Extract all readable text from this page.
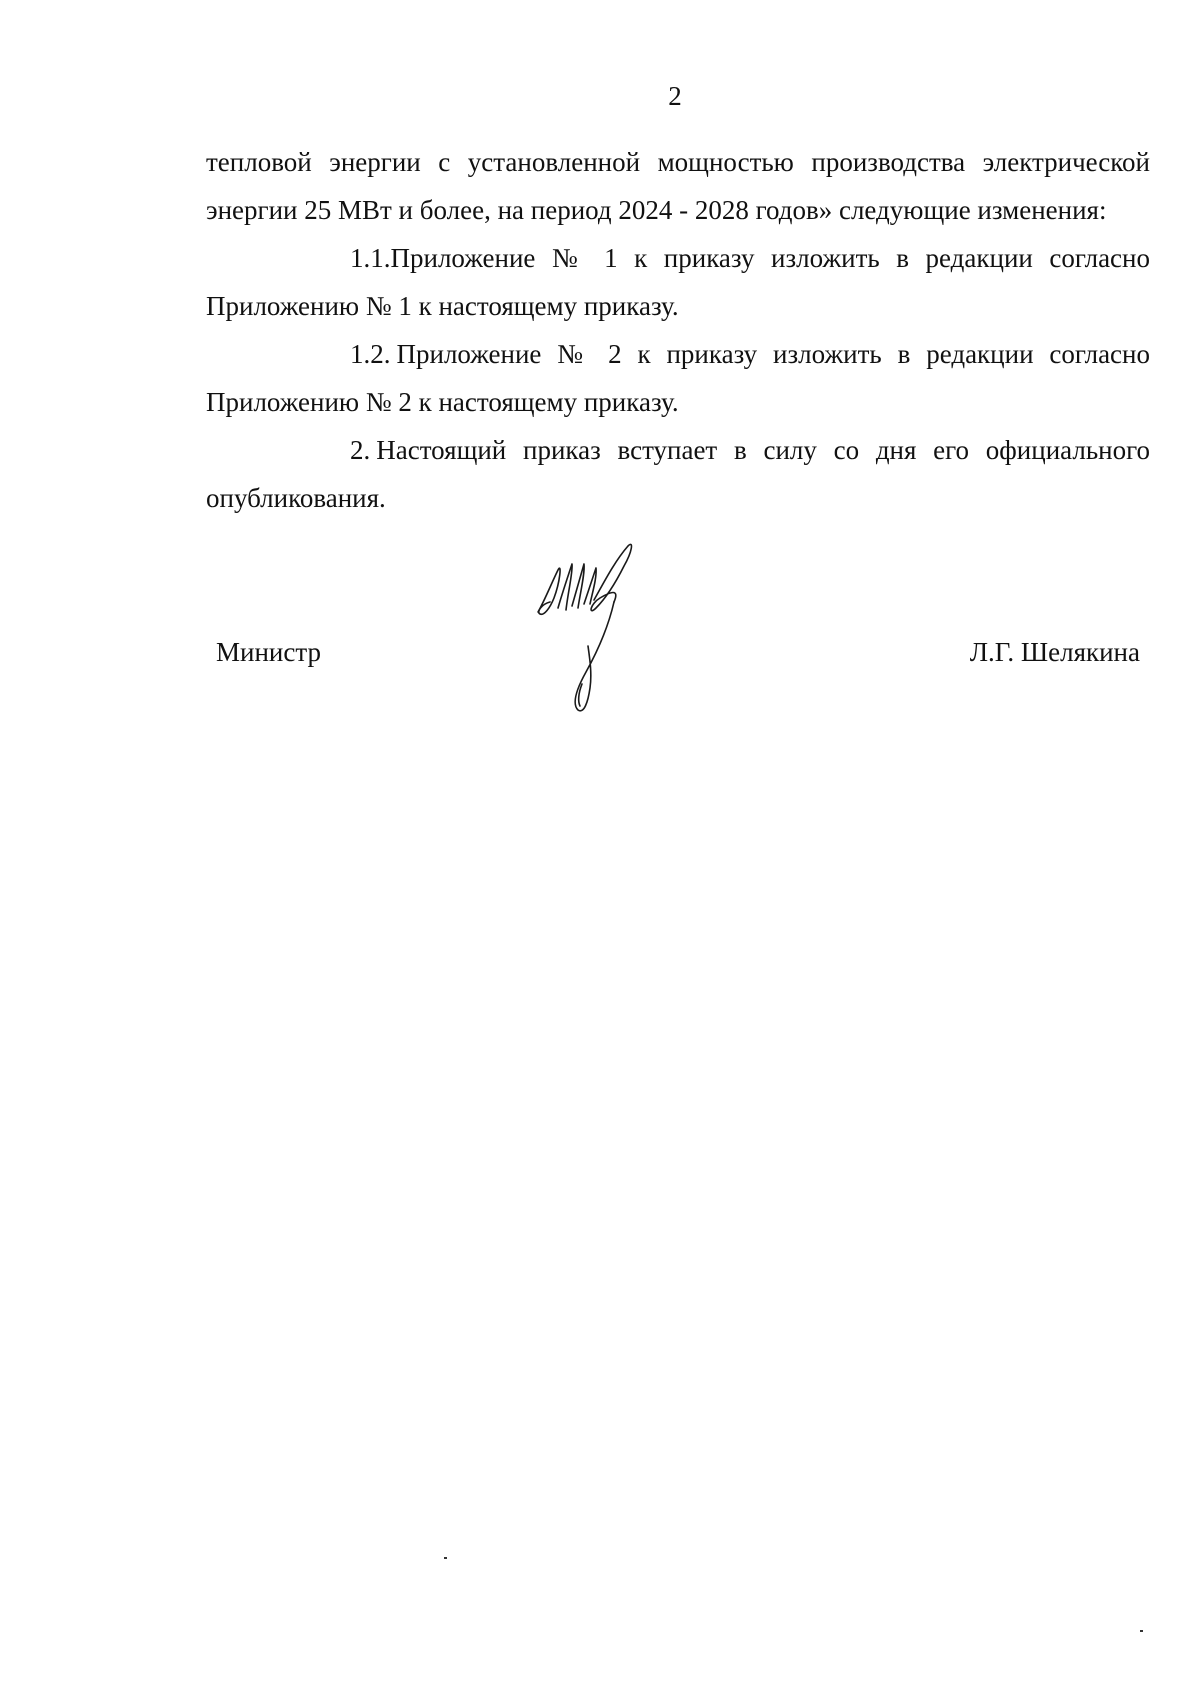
2

тепловой энергии с установленной мощностью производства электрической энергии 25 МВт и более, на период 2024 - 2028 годов» следующие изменения:

1.1.Приложение № 1 к приказу изложить в редакции согласно Приложению № 1 к настоящему приказу.

1.2. Приложение № 2 к приказу изложить в редакции согласно Приложению № 2 к настоящему приказу.

2. Настоящий приказ вступает в силу со дня его официального опубликования.

Министр	Л.Г. Шелякина
